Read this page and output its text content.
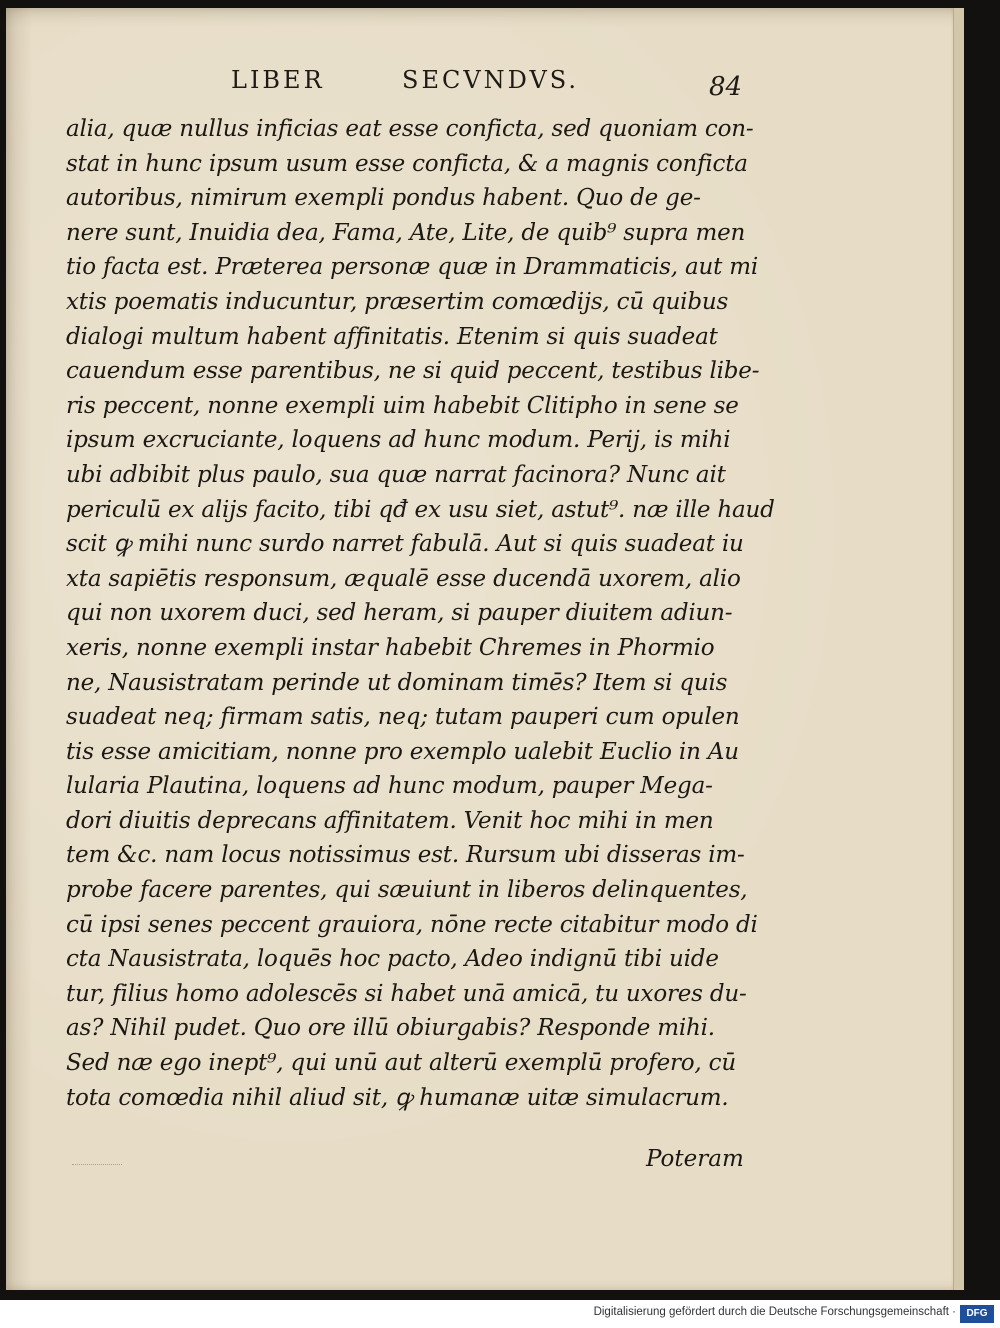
LIBER	SECVNDVS.	84
alia, quæ nullus inficias eat esse conficta, sed quoniam con-
stat in hunc ipsum usum esse conficta, & a magnis conficta
autoribus, nimirum exempli pondus habent. Quo de ge-
nere sunt, Inuidia dea, Fama, Ate, Lite, de quib⁹ supra men
tio facta est. Præterea personæ quæ in Drammaticis, aut mi
xtis poematis inducuntur, præsertim comœdijs, cū quibus
dialogi multum habent affinitatis. Etenim si quis suadeat
cauendum esse parentibus, ne si quid peccent, testibus libe-
ris peccent, nonne exempli uim habebit Clitipho in sene se
ipsum excruciante, loquens ad hunc modum. Perij, is mihi
ubi adbibit plus paulo, sua quæ narrat facinora? Nunc ait
periculū ex alijs facito, tibi qđ ex usu siet, astut⁹. næ ille haud
scit ꝙ mihi nunc surdo narret fabulā. Aut si quis suadeat iu
xta sapiētis responsum, æqualē esse ducendā uxorem, alio
qui non uxorem duci, sed heram, si pauper diuitem adiun-
xeris, nonne exempli instar habebit Chremes in Phormio
ne, Nausistratam perinde ut dominam timēs? Item si quis
suadeat neq; firmam satis, neq; tutam pauperi cum opulen
tis esse amicitiam, nonne pro exemplo ualebit Euclio in Au
lularia Plautina, loquens ad hunc modum, pauper Mega-
dori diuitis deprecans affinitatem. Venit hoc mihi in men
tem &c. nam locus notissimus est. Rursum ubi disseras im-
probe facere parentes, qui sæuiunt in liberos delinquentes,
cū ipsi senes peccent grauiora, nōne recte citabitur modo di
cta Nausistrata, loquēs hoc pacto, Adeo indignū tibi uide
tur, filius homo adolescēs si habet unā amicā, tu uxores du-
as? Nihil pudet. Quo ore illū obiurgabis? Responde mihi.
Sed næ ego inept⁹, qui unū aut alterū exemplū profero, cū
tota comœdia nihil aliud sit, ꝙ humanæ uitæ simulacrum.
Poteram
Digitalisierung gefördert durch die Deutsche Forschungsgemeinschaft ·	DFG
